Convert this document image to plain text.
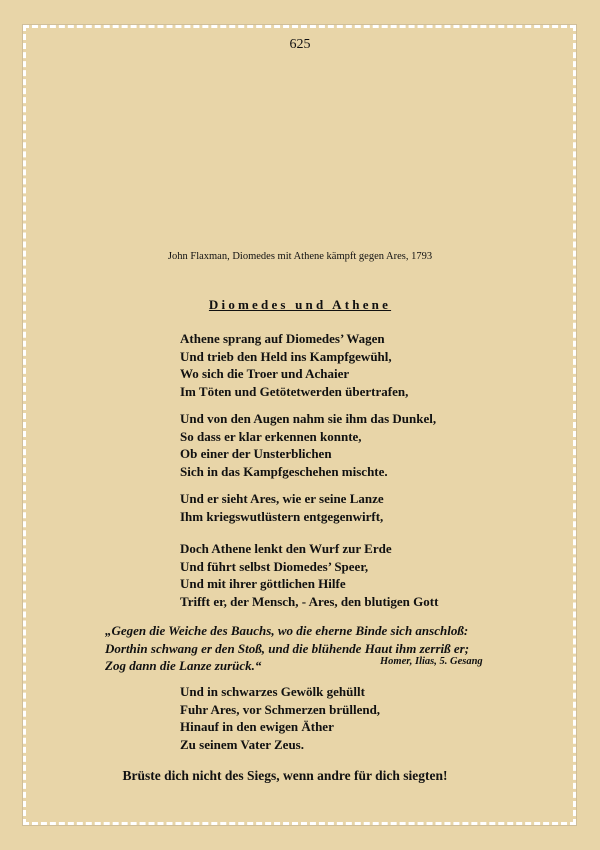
625
John Flaxman, Diomedes mit Athene kämpft gegen Ares, 1793
Diomedes und Athene
Athene sprang auf Diomedes’ Wagen
Und trieb den Held ins Kampfgewühl,
Wo sich die Troer und Achaier
Im Töten und Getötetwerden übertrafen,
Und von den Augen nahm sie ihm das Dunkel,
So dass er klar erkennen konnte,
Ob einer der Unsterblichen
Sich in das Kampfgeschehen mischte.
Und er sieht Ares, wie er seine Lanze
Ihm kriegswutlüstern entgegenwirft,
Doch Athene lenkt den Wurf zur Erde
Und führt selbst Diomedes’ Speer,
Und mit ihrer göttlichen Hilfe
Trifft er, der Mensch, - Ares, den blutigen Gott
„Gegen die Weiche des Bauchs, wo die eherne Binde sich anschloß:
Dorthin schwang er den Stoß, und die blühende Haut ihm zerriß er;
Zog dann die Lanze zurück.“	Homer, Ilias, 5. Gesang
Und in schwarzes Gewölk gehüllt
Fuhr Ares, vor Schmerzen brüllend,
Hinauf in den ewigen Äther
Zu seinem Vater Zeus.
Brüste dich nicht des Siegs, wenn andre für dich siegten!
